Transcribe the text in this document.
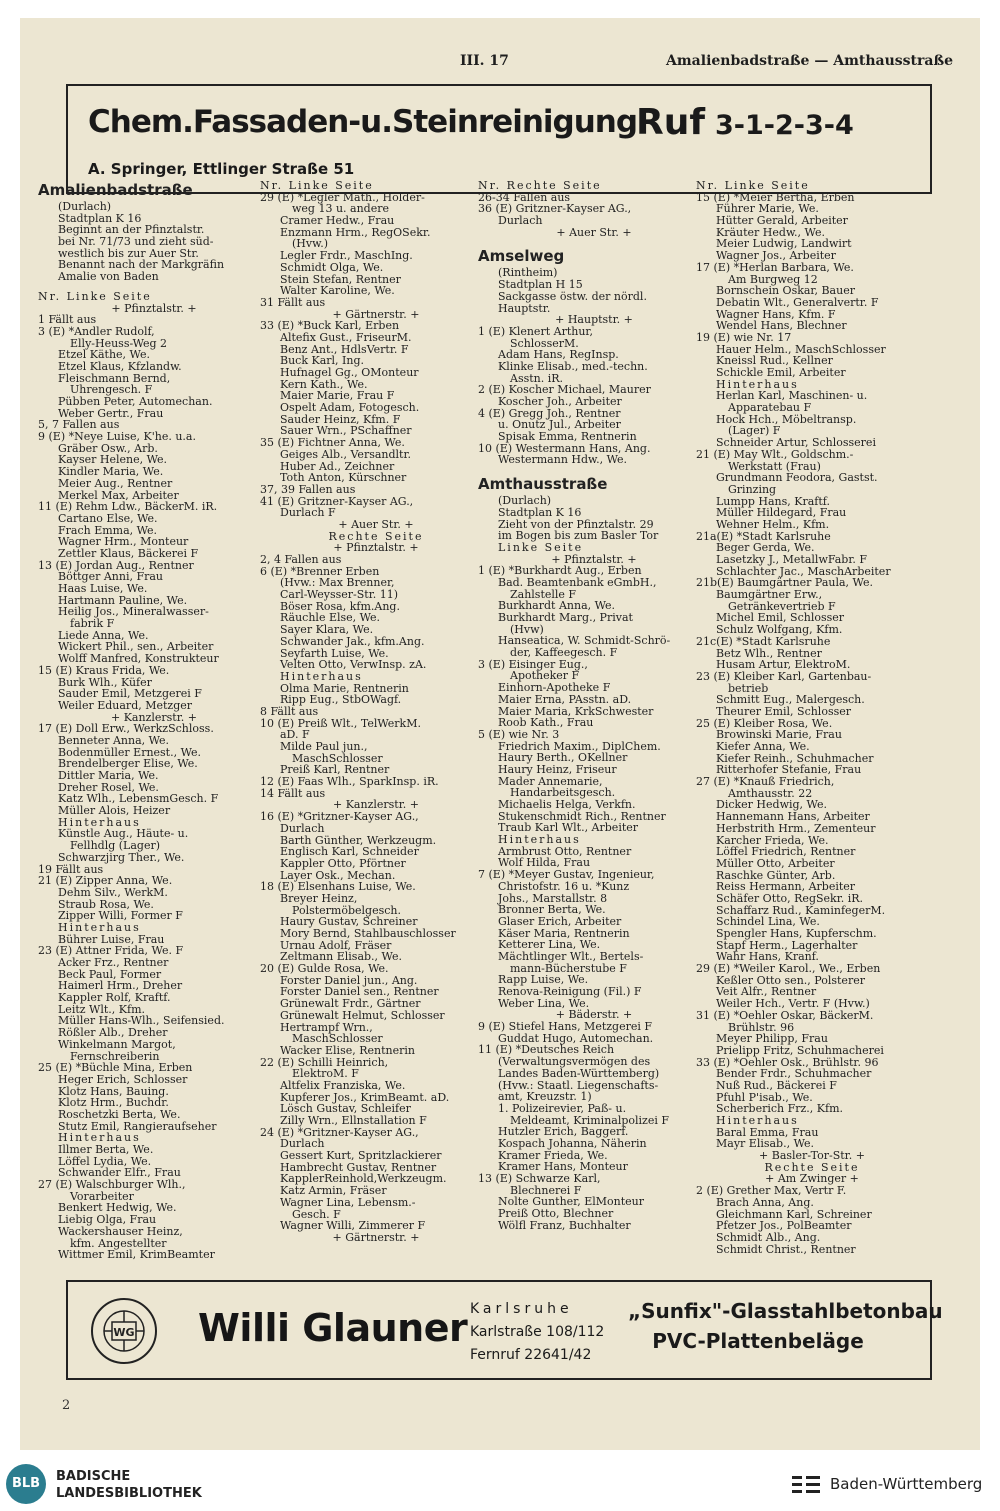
III. 17	Amalienbadstraße — Amthausstraße
Chem.Fassaden-u.Steinreinigung
Ruf 3-1-2-3-4
A. Springer, Ettlinger Straße 51
WG Willi Glauner Karlsruhe
Karlstraße 108/112
Fernruf 22641/42
„Sunfix"-Glasstahlbetonbau
PVC-Plattenbeläge
2
Amalienbadstraße
(Durlach)
Stadtplan K 16
Beginnt an der Pfinztalstr.
bei Nr. 71/73 und zieht süd-
westlich bis zur Auer Str.
Benannt nach der Markgräfin
Amalie von Baden
Nr. Linke Seite
+ Pfinztalstr. +
1 Fällt aus
3 (E) *Andler Rudolf,
Elly-Heuss-Weg 2
Etzel Käthe, We.
Etzel Klaus, Kfzlandw.
Fleischmann Bernd,
Uhrengesch. F
Pübben Peter, Automechan.
Weber Gertr., Frau
5, 7 Fallen aus
9 (E) *Neye Luise, K'he. u.a.
Gräber Osw., Arb.
Kayser Helene, We.
Kindler Maria, We.
Meier Aug., Rentner
Merkel Max, Arbeiter
11 (E) Rehm Ldw., BäckerM. iR.
Cartano Else, We.
Frach Emma, We.
Wagner Hrm., Monteur
Zettler Klaus, Bäckerei F
13 (E) Jordan Aug., Rentner
Böttger Anni, Frau
Haas Luise, We.
Hartmann Pauline, We.
Heilig Jos., Mineralwasser-
fabrik F
Liede Anna, We.
Wickert Phil., sen., Arbeiter
Wolff Manfred, Konstrukteur
15 (E) Kraus Frida, We.
Burk Wlh., Küfer
Sauder Emil, Metzgerei F
Weiler Eduard, Metzger
+ Kanzlerstr. +
17 (E) Doll Erw., WerkzSchloss.
Benneter Anna, We.
Bodenmüller Ernest., We.
Brendelberger Elise, We.
Dittler Maria, We.
Dreher Rosel, We.
Katz Wlh., LebensmGesch. F
Müller Alois, Heizer
Hinterhaus
Künstle Aug., Häute- u.
Fellhdlg (Lager)
Schwarzjirg Ther., We.
19 Fällt aus
21 (E) Zipper Anna, We.
Dehm Silv., WerkM.
Straub Rosa, We.
Zipper Willi, Former F
Hinterhaus
Bührer Luise, Frau
23 (E) Attner Frida, We. F
Acker Frz., Rentner
Beck Paul, Former
Haimerl Hrm., Dreher
Kappler Rolf, Kraftf.
Leitz Wlt., Kfm.
Müller Hans-Wlh., Seifensied.
Rößler Alb., Dreher
Winkelmann Margot,
Fernschreiberin
25 (E) *Büchle Mina, Erben
Heger Erich, Schlosser
Klotz Hans, Bauing.
Klotz Hrm., Buchdr.
Roschetzki Berta, We.
Stutz Emil, Rangieraufseher
Hinterhaus
Illmer Berta, We.
Löffel Lydia, We.
Schwander Elfr., Frau
27 (E) Walschburger Wlh.,
Vorarbeiter
Benkert Hedwig, We.
Liebig Olga, Frau
Wackershauser Heinz,
kfm. Angestellter
Wittmer Emil, KrimBeamter
Nr. Linke Seite
29 (E) *Legler Math., Holder-
weg 13 u. andere
Cramer Hedw., Frau
Enzmann Hrm., RegOSekr.
(Hvw.)
Legler Frdr., MaschIng.
Schmidt Olga, We.
Stein Stefan, Rentner
Walter Karoline, We.
31 Fällt aus
+ Gärtnerstr. +
33 (E) *Buck Karl, Erben
Altefix Gust., FriseurM.
Benz Ant., HdlsVertr. F
Buck Karl, Ing.
Hufnagel Gg., OMonteur
Kern Kath., We.
Maier Marie, Frau F
Ospelt Adam, Fotogesch.
Sauder Heinz, Kfm. F
Sauer Wrn., PSchaffner
35 (E) Fichtner Anna, We.
Geiges Alb., Versandltr.
Huber Ad., Zeichner
Toth Anton, Kürschner
37, 39 Fallen aus
41 (E) Gritzner-Kayser AG.,
Durlach F
+ Auer Str. +
Rechte Seite
+ Pfinztalstr. +
2, 4 Fallen aus
6 (E) *Brenner Erben
(Hvw.: Max Brenner,
Carl-Weysser-Str. 11)
Böser Rosa, kfm.Ang.
Räuchle Else, We.
Sayer Klara, We.
Schwander Jak., kfm.Ang.
Seyfarth Luise, We.
Velten Otto, VerwInsp. zA.
Hinterhaus
Olma Marie, Rentnerin
Ripp Eug., StbOWagf.
8 Fällt aus
10 (E) Preiß Wlt., TelWerkM.
aD. F
Milde Paul jun.,
MaschSchlosser
Preiß Karl, Rentner
12 (E) Faas Wlh., SparkInsp. iR.
14 Fällt aus
+ Kanzlerstr. +
16 (E) *Gritzner-Kayser AG.,
Durlach
Barth Günther, Werkzeugm.
Englisch Karl, Schneider
Kappler Otto, Pförtner
Layer Osk., Mechan.
18 (E) Elsenhans Luise, We.
Breyer Heinz,
Polstermöbelgesch.
Haury Gustav, Schreiner
Mory Bernd, Stahlbauschlosser
Urnau Adolf, Fräser
Zeltmann Elisab., We.
20 (E) Gulde Rosa, We.
Forster Daniel jun., Ang.
Forster Daniel sen., Rentner
Grünewalt Frdr., Gärtner
Grünewalt Helmut, Schlosser
Hertrampf Wrn.,
MaschSchlosser
Wacker Elise, Rentnerin
22 (E) Schilli Heinrich,
ElektroM. F
Altfelix Franziska, We.
Kupferer Jos., KrimBeamt. aD.
Lösch Gustav, Schleifer
Zilly Wrn., Ellnstallation F
24 (E) *Gritzner-Kayser AG.,
Durlach
Gessert Kurt, Spritzlackierer
Hambrecht Gustav, Rentner
KapplerReinhold,Werkzeugm.
Katz Armin, Fräser
Wagner Lina, Lebensm.-
Gesch. F
Wagner Willi, Zimmerer F
+ Gärtnerstr. +
Nr. Rechte Seite
26-34 Fallen aus
36 (E) Gritzner-Kayser AG.,
Durlach
+ Auer Str. +
Amselweg
(Rintheim)
Stadtplan H 15
Sackgasse östw. der nördl.
Hauptstr.
+ Hauptstr. +
1 (E) Klenert Arthur,
SchlosserM.
Adam Hans, RegInsp.
Klinke Elisab., med.-techn.
Asstn. iR.
2 (E) Koscher Michael, Maurer
Koscher Joh., Arbeiter
4 (E) Gregg Joh., Rentner
u. Onutz Jul., Arbeiter
Spisak Emma, Rentnerin
10 (E) Westermann Hans, Ang.
Westermann Hdw., We.
Amthausstraße
(Durlach)
Stadtplan K 16
Zieht von der Pfinztalstr. 29
im Bogen bis zum Basler Tor
Linke Seite
+ Pfinztalstr. +
1 (E) *Burkhardt Aug., Erben
Bad. Beamtenbank eGmbH.,
Zahlstelle F
Burkhardt Anna, We.
Burkhardt Marg., Privat
(Hvw)
Hanseatica, W. Schmidt-Schrö-
der, Kaffeegesch. F
3 (E) Eisinger Eug.,
Apotheker F
Einhorn-Apotheke F
Maier Erna, PAsstn. aD.
Maier Maria, KrkSchwester
Roob Kath., Frau
5 (E) wie Nr. 3
Friedrich Maxim., DiplChem.
Haury Berth., OKellner
Haury Heinz, Friseur
Mader Annemarie,
Handarbeitsgesch.
Michaelis Helga, Verkfn.
Stukenschmidt Rich., Rentner
Traub Karl Wlt., Arbeiter
Hinterhaus
Armbrust Otto, Rentner
Wolf Hilda, Frau
7 (E) *Meyer Gustav, Ingenieur,
Christofstr. 16 u. *Kunz
Johs., Marstallstr. 8
Bronner Berta, We.
Glaser Erich, Arbeiter
Käser Maria, Rentnerin
Ketterer Lina, We.
Mächtlinger Wlt., Bertels-
mann-Bücherstube F
Rapp Luise, We.
Renova-Reinigung (Fil.) F
Weber Lina, We.
+ Bäderstr. +
9 (E) Stiefel Hans, Metzgerei F
Guddat Hugo, Automechan.
11 (E) *Deutsches Reich
(Verwaltungsvermögen des
Landes Baden-Württemberg)
(Hvw.: Staatl. Liegenschafts-
amt, Kreuzstr. 1)
1. Polizeirevier, Paß- u.
Meldeamt, Kriminalpolizei F
Hutzler Erich, Baggerf.
Kospach Johanna, Näherin
Kramer Frieda, We.
Kramer Hans, Monteur
13 (E) Schwarze Karl,
Blechnerei F
Nolte Gunther, ElMonteur
Preiß Otto, Blechner
Wölfl Franz, Buchhalter
Nr. Linke Seite
15 (E) *Meier Bertha, Erben
Führer Marie, We.
Hütter Gerald, Arbeiter
Kräuter Hedw., We.
Meier Ludwig, Landwirt
Wagner Jos., Arbeiter
17 (E) *Herlan Barbara, We.
Am Burgweg 12
Bornschein Oskar, Bauer
Debatin Wlt., Generalvertr. F
Wagner Hans, Kfm. F
Wendel Hans, Blechner
19 (E) wie Nr. 17
Hauer Helm., MaschSchlosser
Kneissl Rud., Kellner
Schickle Emil, Arbeiter
Hinterhaus
Herlan Karl, Maschinen- u.
Apparatebau F
Hock Hch., Möbeltransp.
(Lager) F
Schneider Artur, Schlosserei
21 (E) May Wlt., Goldschm.-
Werkstatt (Frau)
Grundmann Feodora, Gastst.
Grinzing
Lumpp Hans, Kraftf.
Müller Hildegard, Frau
Wehner Helm., Kfm.
21a(E) *Stadt Karlsruhe
Beger Gerda, We.
Lasetzky J., MetallwFabr. F
Schlachter Jac., MaschArbeiter
21b(E) Baumgärtner Paula, We.
Baumgärtner Erw.,
Getränkevertrieb F
Michel Emil, Schlosser
Schulz Wolfgang, Kfm.
21c(E) *Stadt Karlsruhe
Betz Wlh., Rentner
Husam Artur, ElektroM.
23 (E) Kleiber Karl, Gartenbau-
betrieb
Schmitt Eug., Malergesch.
Theurer Emil, Schlosser
25 (E) Kleiber Rosa, We.
Browinski Marie, Frau
Kiefer Anna, We.
Kiefer Reinh., Schuhmacher
Ritterhofer Stefanie, Frau
27 (E) *Knauß Friedrich,
Amthausstr. 22
Dicker Hedwig, We.
Hannemann Hans, Arbeiter
Herbstrith Hrm., Zementeur
Karcher Frieda, We.
Löffel Friedrich, Rentner
Müller Otto, Arbeiter
Raschke Günter, Arb.
Reiss Hermann, Arbeiter
Schäfer Otto, RegSekr. iR.
Schaffarz Rud., KaminfegerM.
Schindel Lina, We.
Spengler Hans, Kupferschm.
Stapf Herm., Lagerhalter
Wahr Hans, Kranf.
29 (E) *Weiler Karol., We., Erben
Keßler Otto sen., Polsterer
Veit Alfr., Rentner
Weiler Hch., Vertr. F (Hvw.)
31 (E) *Oehler Oskar, BäckerM.
Brühlstr. 96
Meyer Philipp, Frau
Prielipp Fritz, Schuhmacherei
33 (E) *Oehler Osk., Brühlstr. 96
Bender Frdr., Schuhmacher
Nuß Rud., Bäckerei F
Pfuhl P'isab., We.
Scherberich Frz., Kfm.
Hinterhaus
Baral Emma, Frau
Mayr Elisab., We.
+ Basler-Tor-Str. +
Rechte Seite
+ Am Zwinger +
2 (E) Grether Max, Vertr F.
Brach Anna, Ang.
Gleichmann Karl, Schreiner
Pfetzer Jos., PolBeamter
Schmidt Alb., Ang.
Schmidt Christ., Rentner
BLB	BADISCHE
LANDESBIBLIOTHEK
Baden-Württemberg
